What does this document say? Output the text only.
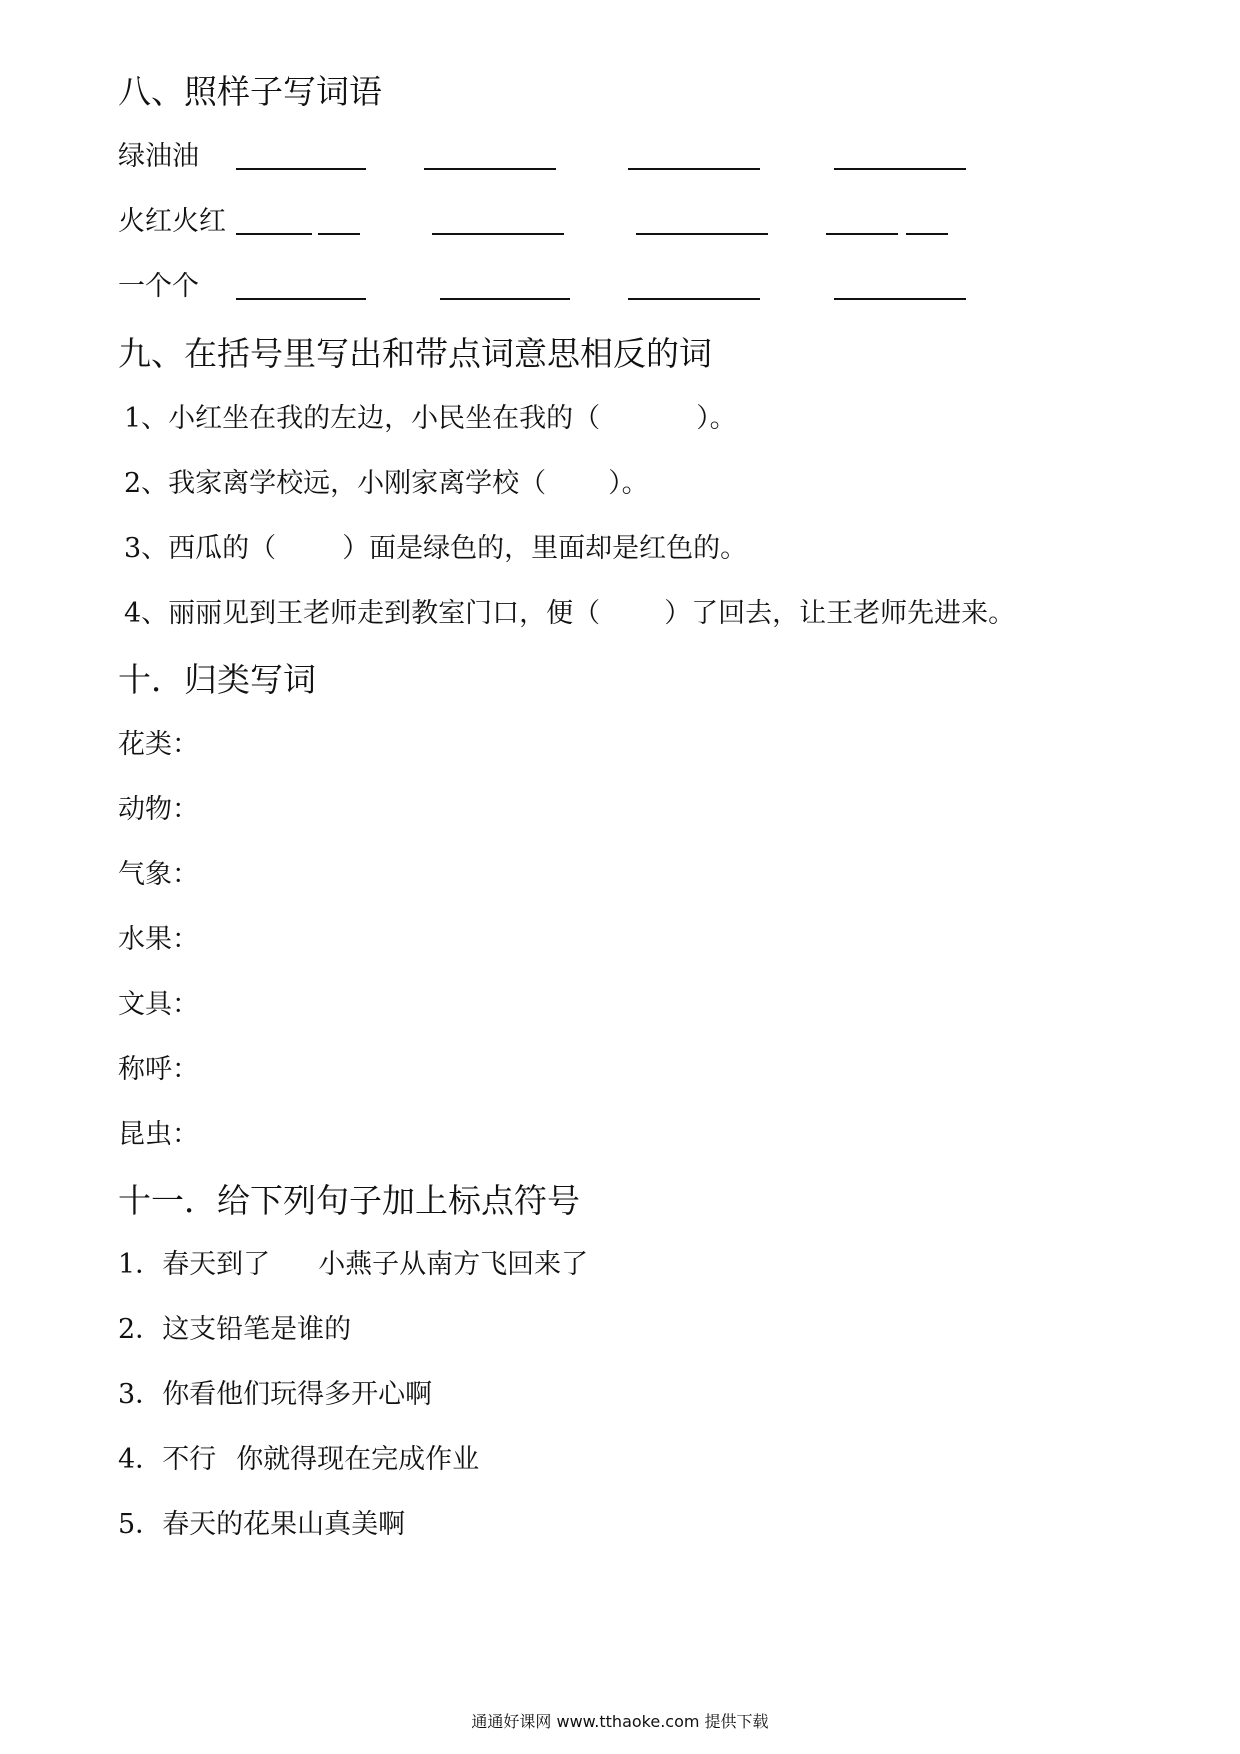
八、照样子写词语
绿油油
火红火红
一个个
九、在括号里写出和带点词意思相反的词
1、小红坐在我的左边，小民坐在我的（	）。
2、我家离学校远，小刚家离学校（ ）。
3、西瓜的（ ）面是绿色的，里面却是红色的。
4、丽丽见到王老师走到教室门口，便（ ）了回去，让王老师先进来。
十．归类写词
花类：
动物：
气象：
水果：
文具：
称呼：
昆虫：
十一．给下列句子加上标点符号
1．春天到了 小燕子从南方飞回来了
2．这支铅笔是谁的
3．你看他们玩得多开心啊
4．不行 你就得现在完成作业
5．春天的花果山真美啊
通通好课网 www.tthaoke.com 提供下载
